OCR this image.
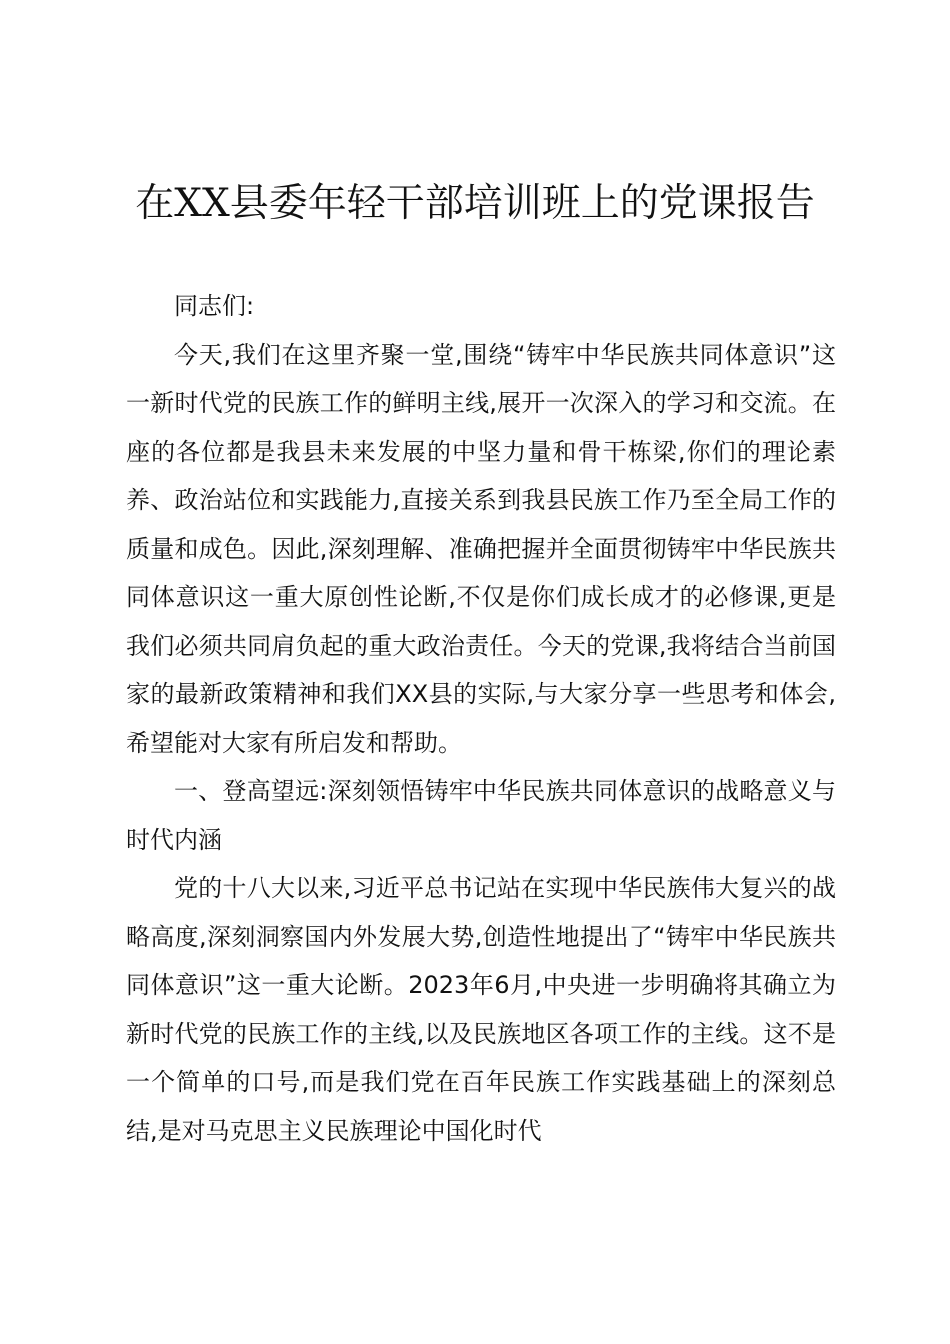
在XX县委年轻干部培训班上的党课报告

同志们:

今天,我们在这里齐聚一堂,围绕“铸牢中华民族共同体意识”这一新时代党的民族工作的鲜明主线,展开一次深入的学习和交流。在座的各位都是我县未来发展的中坚力量和骨干栋梁,你们的理论素养、政治站位和实践能力,直接关系到我县民族工作乃至全局工作的质量和成色。因此,深刻理解、准确把握并全面贯彻铸牢中华民族共同体意识这一重大原创性论断,不仅是你们成长成才的必修课,更是我们必须共同肩负起的重大政治责任。今天的党课,我将结合当前国家的最新政策精神和我们XX县的实际,与大家分享一些思考和体会,希望能对大家有所启发和帮助。

一、登高望远:深刻领悟铸牢中华民族共同体意识的战略意义与时代内涵

党的十八大以来,习近平总书记站在实现中华民族伟大复兴的战略高度,深刻洞察国内外发展大势,创造性地提出了“铸牢中华民族共同体意识”这一重大论断。2023年6月,中央进一步明确将其确立为新时代党的民族工作的主线,以及民族地区各项工作的主线。这不是一个简单的口号,而是我们党在百年民族工作实践基础上的深刻总结,是对马克思主义民族理论中国化时代
